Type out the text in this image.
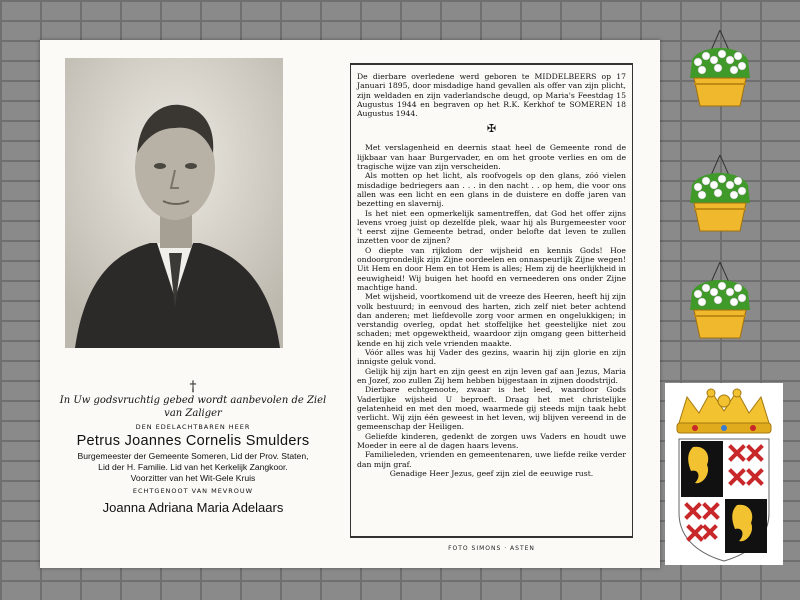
†
In Uw godsvruchtig gebed wordt aanbevolen de Ziel van Zaliger
DEN EDELACHTBAREN HEER
Petrus Joannes Cornelis Smulders
Burgemeester der Gemeente Someren, Lid der Prov. Staten,
Lid der H. Familie. Lid van het Kerkelijk Zangkoor.
Voorzitter van het Wit-Gele Kruis
ECHTGENOOT VAN MEVROUW
Joanna Adriana Maria Adelaars

De dierbare overledene werd geboren te MIDDELBEERS op 17 Januari 1895, door misdadige hand gevallen als offer van zijn plicht, zijn weldaden en zijn vaderlandsche deugd, op Maria's Feestdag 15 Augustus 1944 en begraven op het R.K. Kerkhof te SOMEREN 18 Augustus 1944.

✠

Met verslagenheid en deernis staat heel de Gemeente rond de lijkbaar van haar Burgervader, en om het groote verlies en om de tragische wijze van zijn verscheiden.

Als motten op het licht, als roofvogels op den glans, zóó vielen misdadige bedriegers aan . . . in den nacht . . op hem, die voor ons allen was een licht en een glans in de duistere en doffe jaren van bezetting en slavernij.

Is het niet een opmerkelijk samentreffen, dat God het offer zijns levens vroeg juist op dezelfde plek, waar hij als Burgemeester voor 't eerst zijne Gemeente betrad, onder belofte dat leven te zullen inzetten voor de zijnen?

O diepte van rijkdom der wijsheid en kennis Gods! Hoe ondoorgrondelijk zijn Zijne oordeelen en onnaspeurlijk Zijne wegen! Uit Hem en door Hem en tot Hem is alles; Hem zij de heerlijkheid in eeuwigheid! Wij buigen het hoofd en verneederen ons onder Zijne machtige hand.

Met wijsheid, voortkomend uit de vreeze des Heeren, heeft hij zijn volk bestuurd; in eenvoud des harten, zich zelf niet beter achtend dan anderen; met liefdevolle zorg voor armen en ongelukkigen; in verstandig overleg, opdat het stoffelijke het geestelijke niet zou schaden; met opgewektheid, waardoor zijn omgang geen bitterheid kende en hij zich vele vrienden maakte.

Vóór alles was hij Vader des gezins, waarin hij zijn glorie en zijn innigste geluk vond.

Gelijk hij zijn hart en zijn geest en zijn leven gaf aan Jezus, Maria en Jozef, zoo zullen Zij hem hebben bijgestaan in zijnen doodstrijd.

Dierbare echtgenoote, zwaar is het leed, waardoor Gods Vaderlijke wijsheid U beproeft. Draag het met christelijke gelatenheid en met den moed, waarmede gij steeds mijn taak hebt verlicht. Wij zijn één geweest in het leven, wij blijven vereend in de gemeenschap der Heiligen.

Geliefde kinderen, gedenkt de zorgen uws Vaders en houdt uwe Moeder in eere al de dagen haars levens.

Familieleden, vrienden en gemeentenaren, uwe liefde reike verder dan mijn graf.

Genadige Heer Jezus, geef zijn ziel de eeuwige rust.

FOTO SIMONS · ASTEN
